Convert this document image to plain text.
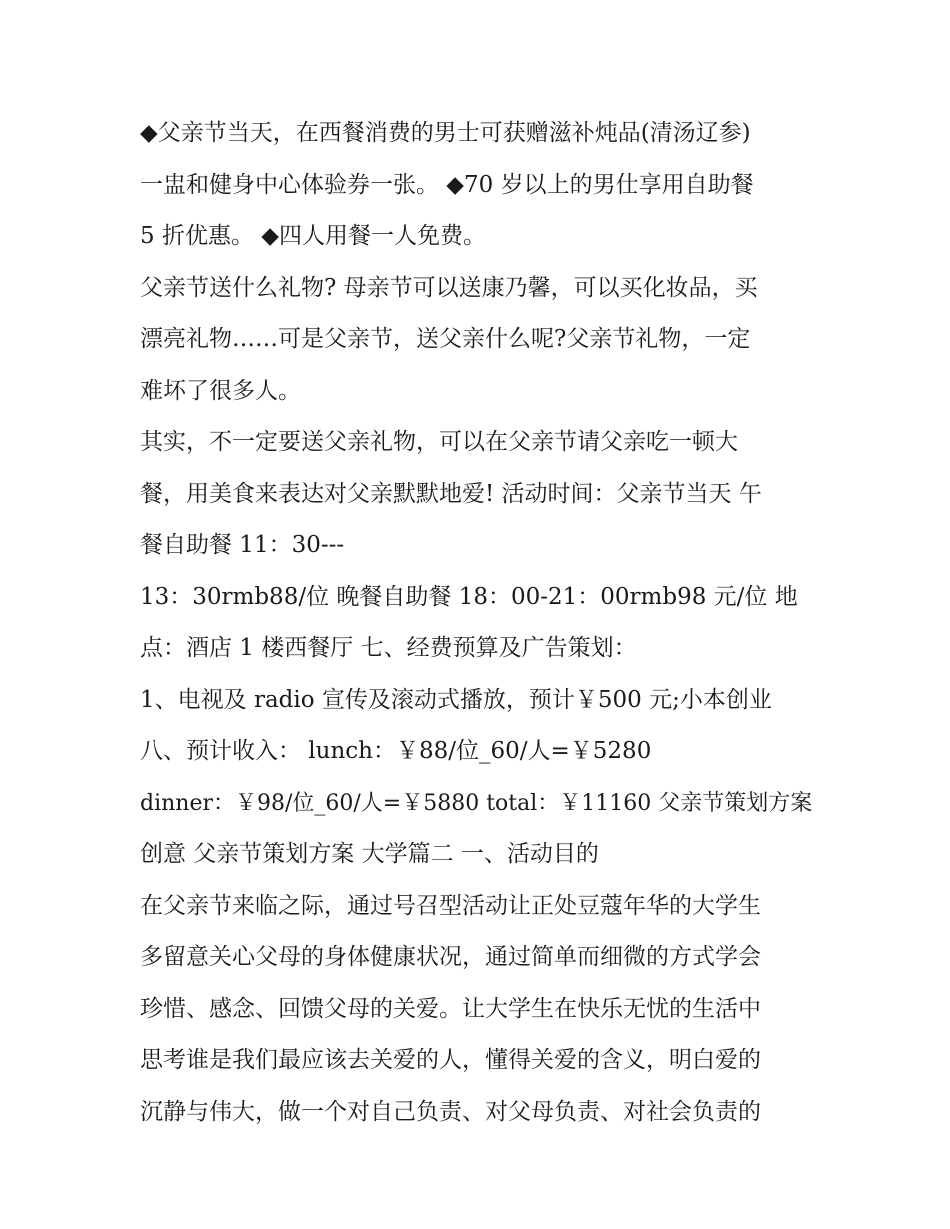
◆父亲节当天，在西餐消费的男士可获赠滋补炖品(清汤辽参)
一盅和健身中心体验券一张。 ◆70 岁以上的男仕享用自助餐
5 折优惠。 ◆四人用餐一人免费。
父亲节送什么礼物? 母亲节可以送康乃馨，可以买化妆品，买
漂亮礼物……可是父亲节，送父亲什么呢?父亲节礼物，一定
难坏了很多人。
其实，不一定要送父亲礼物，可以在父亲节请父亲吃一顿大
餐，用美食来表达对父亲默默地爱! 活动时间：父亲节当天 午
餐自助餐 11：30---
13：30rmb88/位 晚餐自助餐 18：00-21：00rmb98 元/位 地
点：酒店 1 楼西餐厅 七、经费预算及广告策划：
1、电视及 radio 宣传及滚动式播放，预计￥500 元;小本创业
八、预计收入： lunch：￥88/位_60/人=￥5280
dinner：￥98/位_60/人=￥5880 total：￥11160 父亲节策划方案
创意 父亲节策划方案 大学篇二 一、活动目的
在父亲节来临之际，通过号召型活动让正处豆蔻年华的大学生
多留意关心父母的身体健康状况，通过简单而细微的方式学会
珍惜、感念、回馈父母的关爱。让大学生在快乐无忧的生活中
思考谁是我们最应该去关爱的人，懂得关爱的含义，明白爱的
沉静与伟大，做一个对自己负责、对父母负责、对社会负责的
